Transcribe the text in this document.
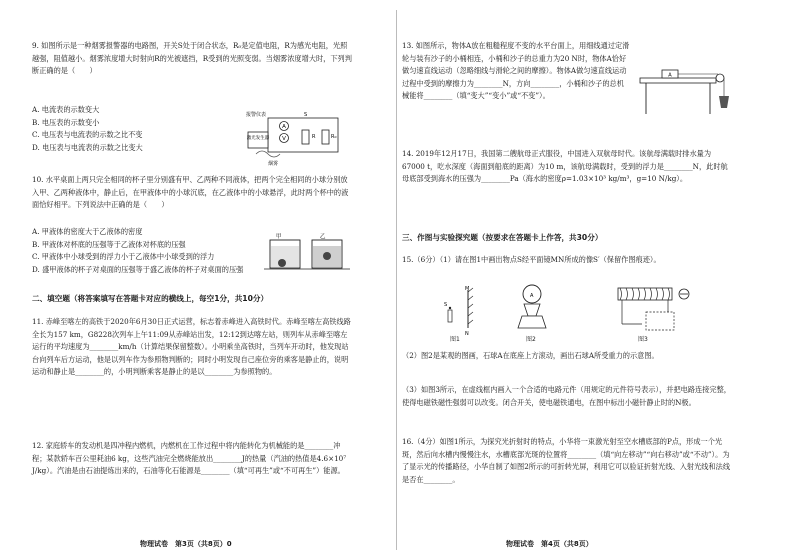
9. 如图所示是一种烟雾报警器的电路图，开关S处于闭合状态，R₀是定值电阻，R为感光电阻，光照越强，阻值越小。烟雾浓度增大时射向R的光被遮挡，R受到的光照变弱。当烟雾浓度增大时，下列判断正确的是（　　）

A. 电流表的示数变大
B. 电压表的示数变小
C. 电压表与电流表的示数之比不变
D. 电压表与电流表的示数之比变大
A
V
激光发生器	R	R₀
S
报警仪表
烟雾

10. 水平桌面上两只完全相同的杯子里分别盛有甲、乙两种不同液体，把两个完全相同的小球分别放入甲、乙两种液体中，静止后，在甲液体中的小球沉底，在乙液体中的小球悬浮，此时两个杯中的液面恰好相平。下列说法中正确的是（　　）

A. 甲液体的密度大于乙液体的密度
B. 甲液体对杯底的压强等于乙液体对杯底的压强
C. 甲液体中小球受到的浮力小于乙液体中小球受到的浮力
D. 盛甲液体的杯子对桌面的压强等于盛乙液体的杯子对桌面的压强
甲	乙
二、填空题（将答案填写在答题卡对应的横线上，每空1分，共10分）

11. 赤峰至喀左的高铁于2020年6月30日正式运营，标志着赤峰进入高铁时代。赤峰至喀左高铁线路全长为157 km，G8228次列车上午11:09从赤峰站出发，12:12到达喀左站，则列车从赤峰至喀左运行的平均速度为________km/h（计算结果保留整数）。小明乘坐高铁时，当列车开动时，他发现站台向列车后方运动，他是以列车作为参照物判断的；同时小明发现自己座位旁的乘客是静止的，说明运动和静止是________的，小明判断乘客是静止的是以________为参照物的。

12. 家庭轿车的发动机是四冲程内燃机，内燃机在工作过程中将内能转化为机械能的是________冲程；某款轿车百公里耗油6 kg，这些汽油完全燃烧能放出________J的热量（汽油的热值是4.6×10⁷ J/kg）。汽油是由石油提炼出来的，石油等化石能源是________（填“可再生”或“不可再生”）能源。

物理试卷　第3页（共8页）0

13. 如图所示，物体A放在粗糙程度不变的水平台面上，用细线通过定滑轮与装有沙子的小桶相连，小桶和沙子的总重力为20 N时，物体A恰好做匀速直线运动（忽略细线与滑轮之间的摩擦）。物体A做匀速直线运动过程中受到的摩擦力为________N，方向________，小桶和沙子的总机械能将________（填“变大”“变小”或“不变”）。

A

14. 2019年12月17日，我国第二艘航母正式服役，中国进入双航母时代。该航母满载时排水量为67000 t，吃水深度（海面到船底的距离）为10 m，该航母满载时，受到的浮力是________N，此时航母底部受到海水的压强为________Pa（海水的密度ρ=1.03×10³ kg/m³，g=10 N/kg）。

三、作图与实验探究题（按要求在答题卡上作答，共30分）

15.（6分）（1）请在图1中画出物点S经平面镜MN所成的像S′（保留作图痕迹）。

M
N
S
图1
A
图2	图3

（2）图2是某观的图画，石球A在底座上方滚动，画出石球A所受重力的示意图。

（3）如图3所示，在虚线框内画入一个合适的电路元件（用规定的元件符号表示），并把电路连接完整，使得电磁铁磁性强弱可以改变。闭合开关，使电磁铁通电，在图中标出小磁针静止时的N极。

16.（4分）如图1所示，为探究光折射时的特点，小华将一束激光射至空水槽底部的P点，形成一个光斑，然后向水槽内慢慢注水，水槽底部光斑的位置将________（填“向左移动”“向右移动”或“不动”）。为了显示光的传播路径，小华自制了如图2所示的可折转光屏，利用它可以验证折射光线、入射光线和法线是否在________。

物理试卷　第4页（共8页）
